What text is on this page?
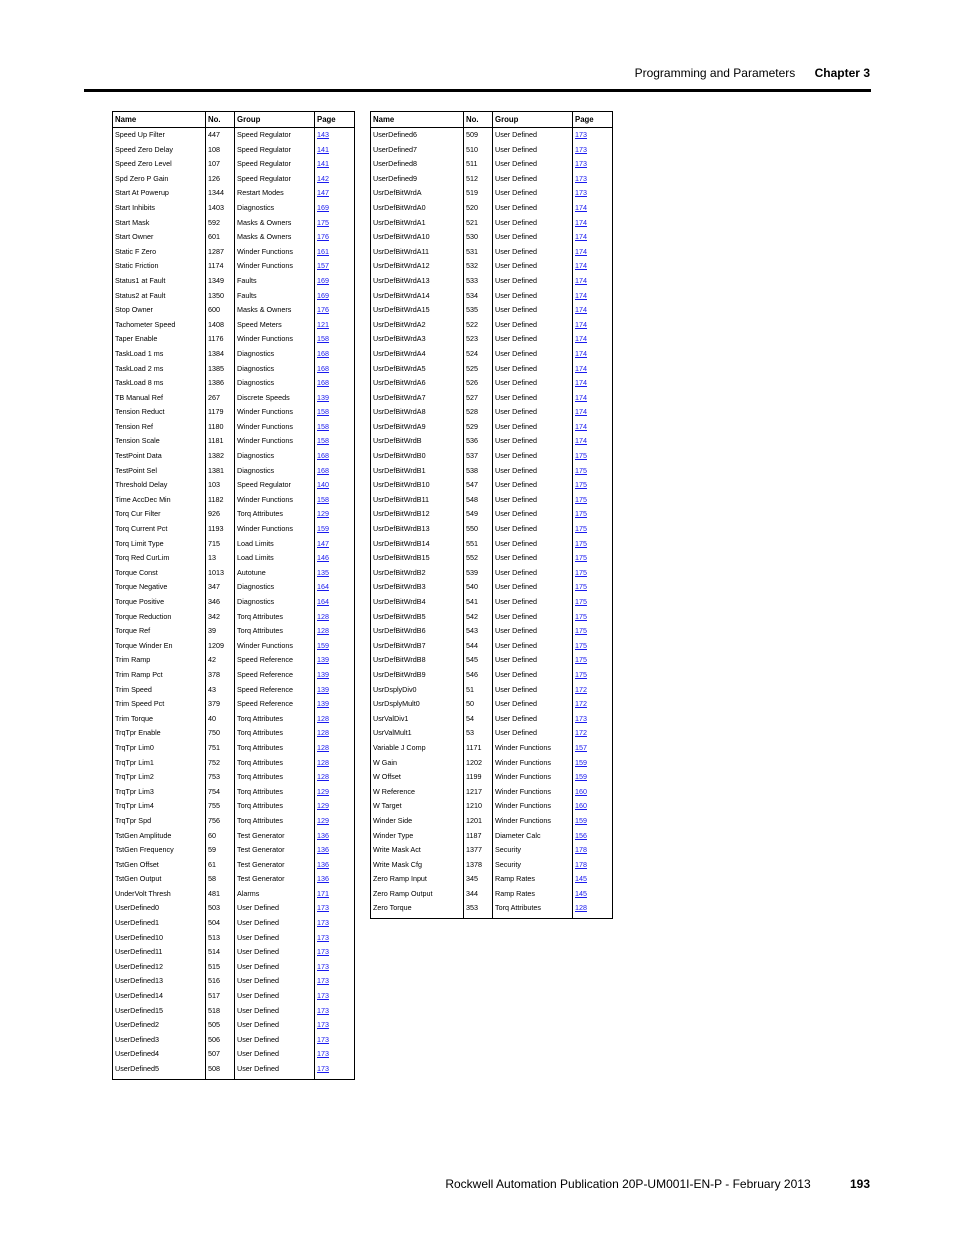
Programming and Parameters Chapter 3
Name	No.	Group	Page
Speed Up Filter	447	Speed Regulator	143
Speed Zero Delay	108	Speed Regulator	141
Speed Zero Level	107	Speed Regulator	141
Spd Zero P Gain	126	Speed Regulator	142
Start At Powerup	1344	Restart Modes	147
Start Inhibits	1403	Diagnostics	169
Start Mask	592	Masks & Owners	175
Start Owner	601	Masks & Owners	176
Static F Zero	1287	Winder Functions	161
Static Friction	1174	Winder Functions	157
Status1 at Fault	1349	Faults	169
Status2 at Fault	1350	Faults	169
Stop Owner	600	Masks & Owners	176
Tachometer Speed	1408	Speed Meters	121
Taper Enable	1176	Winder Functions	158
TaskLoad 1 ms	1384	Diagnostics	168
TaskLoad 2 ms	1385	Diagnostics	168
TaskLoad 8 ms	1386	Diagnostics	168
TB Manual Ref	267	Discrete Speeds	139
Tension Reduct	1179	Winder Functions	158
Tension Ref	1180	Winder Functions	158
Tension Scale	1181	Winder Functions	158
TestPoint Data	1382	Diagnostics	168
TestPoint Sel	1381	Diagnostics	168
Threshold Delay	103	Speed Regulator	140
Time AccDec Min	1182	Winder Functions	158
Torq Cur Filter	926	Torq Attributes	129
Torq Current Pct	1193	Winder Functions	159
Torq Limit Type	715	Load Limits	147
Torq Red CurLim	13	Load Limits	146
Torque Const	1013	Autotune	135
Torque Negative	347	Diagnostics	164
Torque Positive	346	Diagnostics	164
Torque Reduction	342	Torq Attributes	128
Torque Ref	39	Torq Attributes	128
Torque Winder En	1209	Winder Functions	159
Trim Ramp	42	Speed Reference	139
Trim Ramp Pct	378	Speed Reference	139
Trim Speed	43	Speed Reference	139
Trim Speed Pct	379	Speed Reference	139
Trim Torque	40	Torq Attributes	128
TrqTpr Enable	750	Torq Attributes	128
TrqTpr Lim0	751	Torq Attributes	128
TrqTpr Lim1	752	Torq Attributes	128
TrqTpr Lim2	753	Torq Attributes	128
TrqTpr Lim3	754	Torq Attributes	129
TrqTpr Lim4	755	Torq Attributes	129
TrqTpr Spd	756	Torq Attributes	129
TstGen Amplitude	60	Test Generator	136
TstGen Frequency	59	Test Generator	136
TstGen Offset	61	Test Generator	136
TstGen Output	58	Test Generator	136
UnderVolt Thresh	481	Alarms	171
UserDefined0	503	User Defined	173
UserDefined1	504	User Defined	173
UserDefined10	513	User Defined	173
UserDefined11	514	User Defined	173
UserDefined12	515	User Defined	173
UserDefined13	516	User Defined	173
UserDefined14	517	User Defined	173
UserDefined15	518	User Defined	173
UserDefined2	505	User Defined	173
UserDefined3	506	User Defined	173
UserDefined4	507	User Defined	173
UserDefined5	508	User Defined	173
Name	No.	Group	Page
UserDefined6	509	User Defined	173
UserDefined7	510	User Defined	173
UserDefined8	511	User Defined	173
UserDefined9	512	User Defined	173
UsrDefBitWrdA	519	User Defined	173
UsrDefBitWrdA0	520	User Defined	174
UsrDefBitWrdA1	521	User Defined	174
UsrDefBitWrdA10	530	User Defined	174
UsrDefBitWrdA11	531	User Defined	174
UsrDefBitWrdA12	532	User Defined	174
UsrDefBitWrdA13	533	User Defined	174
UsrDefBitWrdA14	534	User Defined	174
UsrDefBitWrdA15	535	User Defined	174
UsrDefBitWrdA2	522	User Defined	174
UsrDefBitWrdA3	523	User Defined	174
UsrDefBitWrdA4	524	User Defined	174
UsrDefBitWrdA5	525	User Defined	174
UsrDefBitWrdA6	526	User Defined	174
UsrDefBitWrdA7	527	User Defined	174
UsrDefBitWrdA8	528	User Defined	174
UsrDefBitWrdA9	529	User Defined	174
UsrDefBitWrdB	536	User Defined	174
UsrDefBitWrdB0	537	User Defined	175
UsrDefBitWrdB1	538	User Defined	175
UsrDefBitWrdB10	547	User Defined	175
UsrDefBitWrdB11	548	User Defined	175
UsrDefBitWrdB12	549	User Defined	175
UsrDefBitWrdB13	550	User Defined	175
UsrDefBitWrdB14	551	User Defined	175
UsrDefBitWrdB15	552	User Defined	175
UsrDefBitWrdB2	539	User Defined	175
UsrDefBitWrdB3	540	User Defined	175
UsrDefBitWrdB4	541	User Defined	175
UsrDefBitWrdB5	542	User Defined	175
UsrDefBitWrdB6	543	User Defined	175
UsrDefBitWrdB7	544	User Defined	175
UsrDefBitWrdB8	545	User Defined	175
UsrDefBitWrdB9	546	User Defined	175
UsrDsplyDiv0	51	User Defined	172
UsrDsplyMult0	50	User Defined	172
UsrValDiv1	54	User Defined	173
UsrValMult1	53	User Defined	172
Variable J Comp	1171	Winder Functions	157
W Gain	1202	Winder Functions	159
W Offset	1199	Winder Functions	159
W Reference	1217	Winder Functions	160
W Target	1210	Winder Functions	160
Winder Side	1201	Winder Functions	159
Winder Type	1187	Diameter Calc	156
Write Mask Act	1377	Security	178
Write Mask Cfg	1378	Security	178
Zero Ramp Input	345	Ramp Rates	145
Zero Ramp Output	344	Ramp Rates	145
Zero Torque	353	Torq Attributes	128
Rockwell Automation Publication 20P-UM001I-EN-P - February 2013	193
